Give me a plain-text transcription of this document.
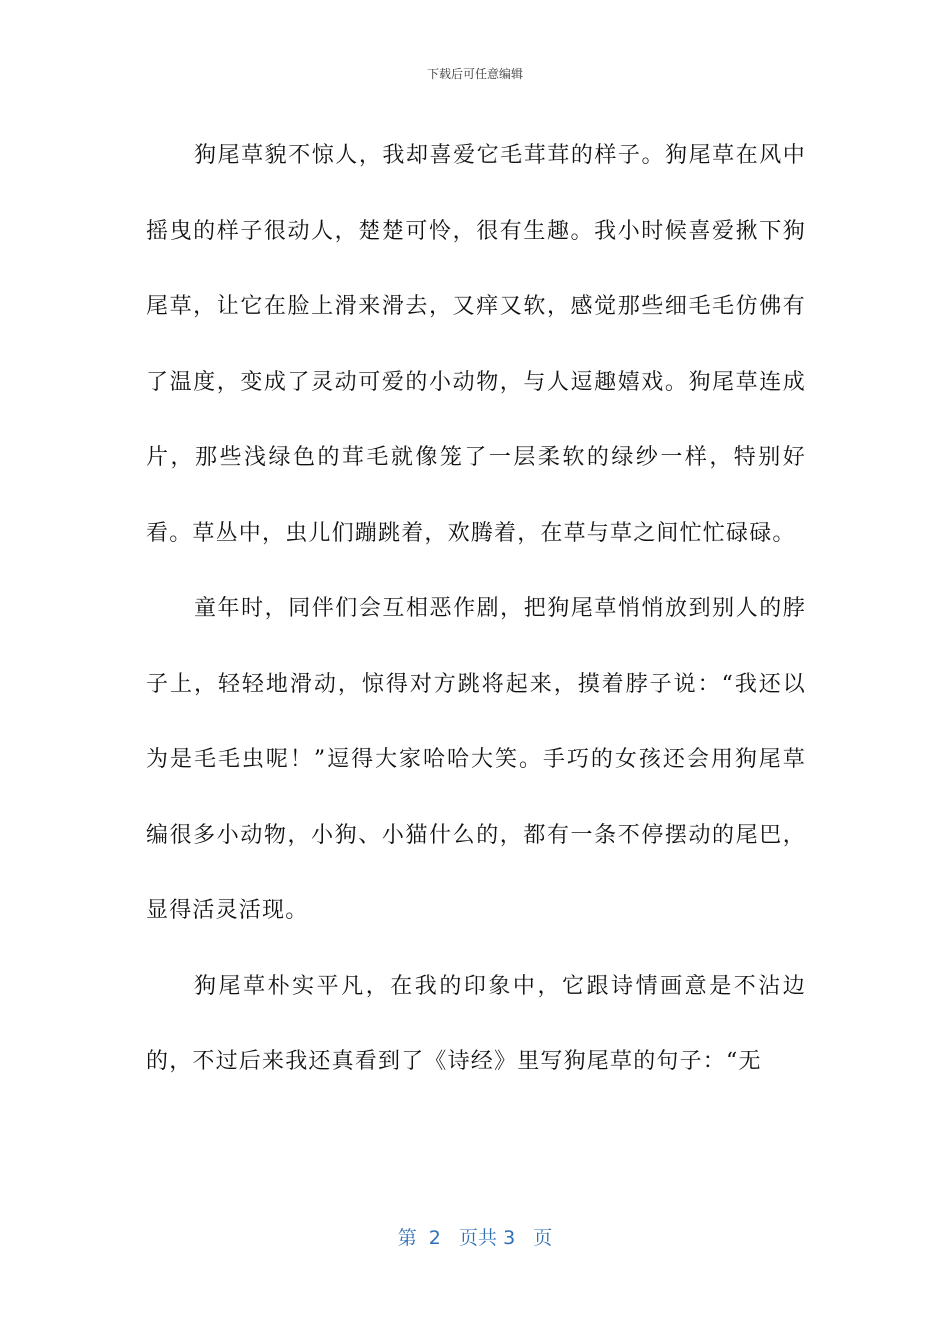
下载后可任意编辑

狗尾草貌不惊人，我却喜爱它毛茸茸的样子。狗尾草在风中摇曳的样子很动人，楚楚可怜，很有生趣。我小时候喜爱揪下狗尾草，让它在脸上滑来滑去，又痒又软，感觉那些细毛毛仿佛有了温度，变成了灵动可爱的小动物，与人逗趣嬉戏。狗尾草连成片，那些浅绿色的茸毛就像笼了一层柔软的绿纱一样，特别好看。草丛中，虫儿们蹦跳着，欢腾着，在草与草之间忙忙碌碌。

童年时，同伴们会互相恶作剧，把狗尾草悄悄放到别人的脖子上，轻轻地滑动，惊得对方跳将起来，摸着脖子说：“我还以为是毛毛虫呢！”逗得大家哈哈大笑。手巧的女孩还会用狗尾草编很多小动物，小狗、小猫什么的，都有一条不停摆动的尾巴，显得活灵活现。

狗尾草朴实平凡，在我的印象中，它跟诗情画意是不沾边的，不过后来我还真看到了《诗经》里写狗尾草的句子：“无

第 2 页共 3 页
